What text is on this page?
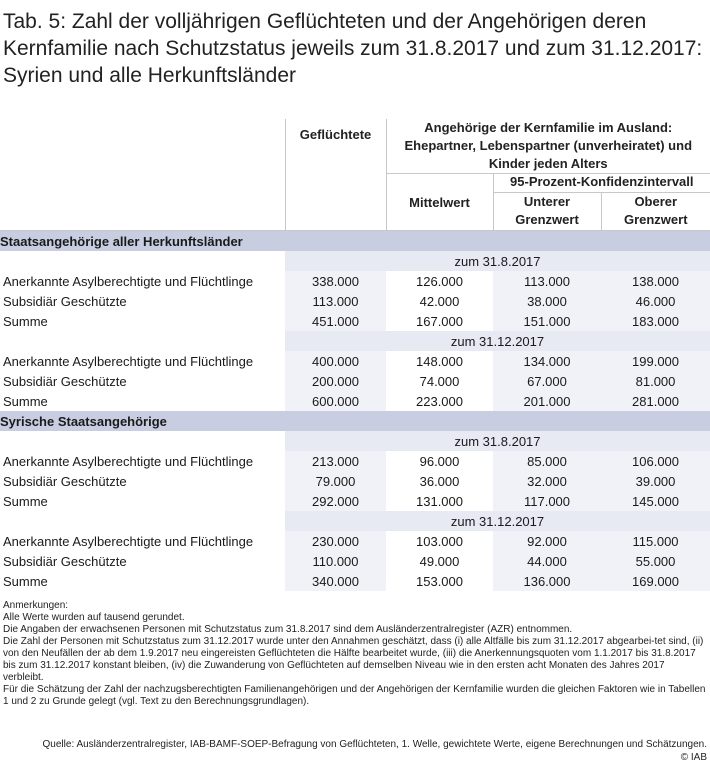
Tab. 5: Zahl der volljährigen Geflüchteten und der Angehörigen deren Kernfamilie nach Schutzstatus jeweils zum 31.8.2017 und zum 31.12.2017: Syrien und alle Herkunftsländer
	Geflüchtete	Angehörige der Kernfamilie im Ausland: Ehepartner, Lebenspartner (unverheiratet) und Kinder jeden Alters		
		Mittelwert	95-Prozent-Konfidenzintervall	
			Unterer Grenzwert	Oberer Grenzwert
Staatsangehörige aller Herkunftsländer				
	zum 31.8.2017			
Anerkannte Asylberechtigte und Flüchtlinge	338.000	126.000	113.000	138.000
Subsidiär Geschützte	113.000	42.000	38.000	46.000
Summe	451.000	167.000	151.000	183.000
	zum 31.12.2017			
Anerkannte Asylberechtigte und Flüchtlinge	400.000	148.000	134.000	199.000
Subsidiär Geschützte	200.000	74.000	67.000	81.000
Summe	600.000	223.000	201.000	281.000
Syrische Staatsangehörige				
	zum 31.8.2017			
Anerkannte Asylberechtigte und Flüchtlinge	213.000	96.000	85.000	106.000
Subsidiär Geschützte	79.000	36.000	32.000	39.000
Summe	292.000	131.000	117.000	145.000
	zum 31.12.2017			
Anerkannte Asylberechtigte und Flüchtlinge	230.000	103.000	92.000	115.000
Subsidiär Geschützte	110.000	49.000	44.000	55.000
Summe	340.000	153.000	136.000	169.000
Anmerkungen:
Alle Werte wurden auf tausend gerundet.
Die Angaben der erwachsenen Personen mit Schutzstatus zum 31.8.2017 sind dem Ausländerzentralregister (AZR) entnommen.
Die Zahl der Personen mit Schutzstatus zum 31.12.2017 wurde unter den Annahmen geschätzt, dass (i) alle Altfälle bis zum 31.12.2017 abgearbei-tet sind, (ii) von den Neufällen der ab dem 1.9.2017 neu eingereisten Geflüchteten die Hälfte bearbeitet wurde, (iii) die Anerkennungsquoten vom 1.1.2017 bis 31.8.2017 bis zum 31.12.2017 konstant bleiben, (iv) die Zuwanderung von Geflüchteten auf demselben Niveau wie in den ersten acht Monaten des Jahres 2017 verbleibt.
Für die Schätzung der Zahl der nachzugsberechtigten Familienangehörigen und der Angehörigen der Kernfamilie wurden die gleichen Faktoren wie in Tabellen 1 und 2 zu Grunde gelegt (vgl. Text zu den Berechnungsgrundlagen).
Quelle: Ausländerzentralregister, IAB-BAMF-SOEP-Befragung von Geflüchteten, 1. Welle, gewichtete Werte, eigene Berechnungen und Schätzungen.
© IAB
